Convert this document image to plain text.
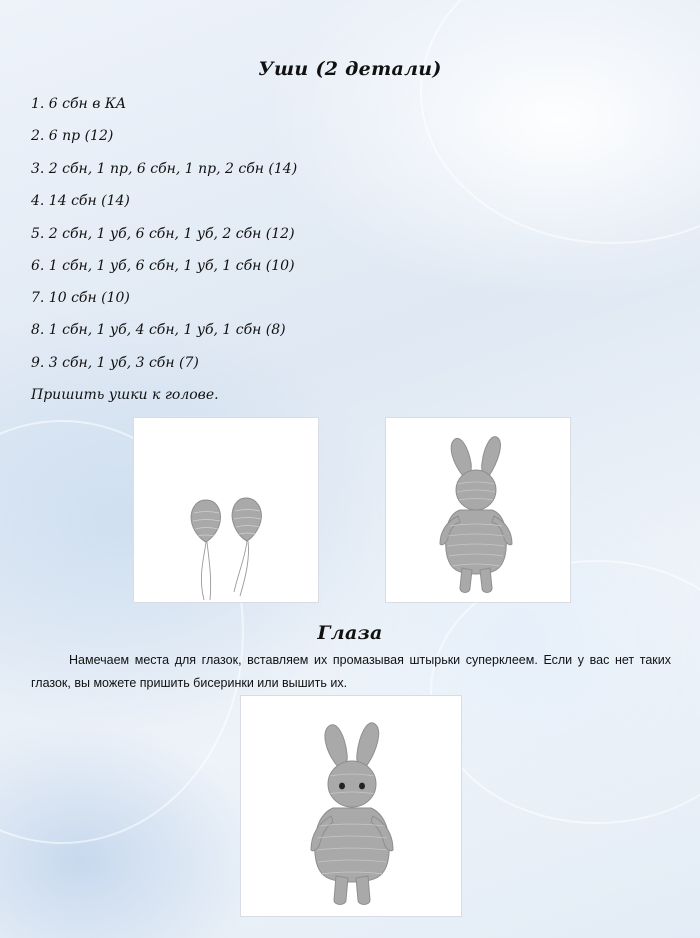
Уши (2 детали)
1. 6 сбн в КА
2. 6 пр (12)
3. 2 сбн, 1 пр, 6 сбн, 1 пр, 2 сбн (14)
4. 14 сбн (14)
5. 2 сбн, 1 уб, 6 сбн, 1 уб, 2 сбн (12)
6. 1 сбн, 1 уб, 6 сбн, 1 уб, 1 сбн (10)
7. 10 сбн (10)
8. 1 сбн, 1 уб, 4 сбн, 1 уб, 1 сбн (8)
9. 3 сбн, 1 уб, 3 сбн (7)
Пришить ушки к голове.
Глаза
Намечаем места для глазок, вставляем их промазывая штырьки суперклеем. Если у вас нет таких глазок, вы можете пришить бисеринки или вышить их.
